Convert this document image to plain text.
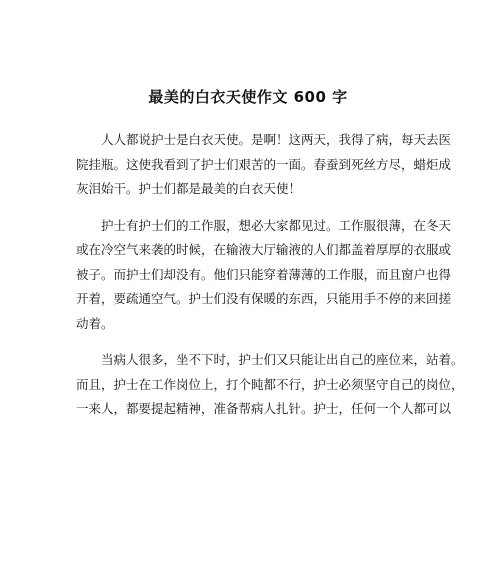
最美的白衣天使作文 600 字
人人都说护士是白衣天使。是啊！这两天，我得了病，每天去医
院挂瓶。这使我看到了护士们艰苦的一面。春蚕到死丝方尽，蜡炬成
灰泪始干。护士们都是最美的白衣天使！
护士有护士们的工作服，想必大家都见过。工作服很薄，在冬天
或在冷空气来袭的时候，在输液大厅输液的人们都盖着厚厚的衣服或
被子。而护士们却没有。他们只能穿着薄薄的工作服，而且窗户也得
开着，要疏通空气。护士们没有保暖的东西，只能用手不停的来回搓
动着。
当病人很多，坐不下时，护士们又只能让出自己的座位来，站着。
而且，护士在工作岗位上，打个盹都不行，护士必须坚守自己的岗位，
一来人，都要提起精神，准备帮病人扎针。护士，任何一个人都可以
